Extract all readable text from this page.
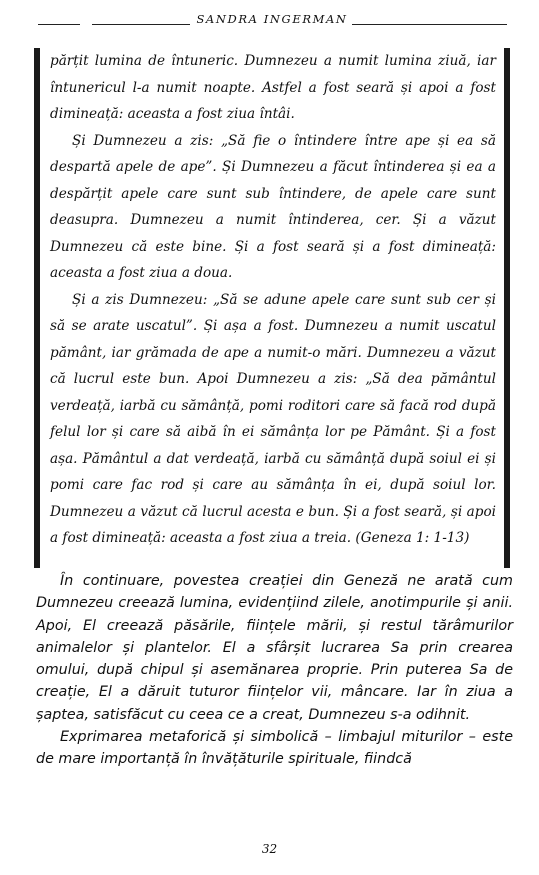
SANDRA INGERMAN

părțit lumina de întuneric. Dumnezeu a numit lumina ziuă, iar întunericul l-a numit noapte. Astfel a fost seară și apoi a fost dimineață: aceasta a fost ziua întâi.

Și Dumnezeu a zis: „Să fie o întindere între ape și ea să despartă apele de ape”. Și Dumnezeu a făcut întinderea și ea a despărțit apele care sunt sub întindere, de apele care sunt deasupra. Dumnezeu a numit întinderea, cer. Și a văzut Dumnezeu că este bine. Și a fost seară și a fost dimineață: aceasta a fost ziua a doua.

Și a zis Dumnezeu: „Să se adune apele care sunt sub cer și să se arate uscatul”. Și așa a fost. Dumnezeu a numit uscatul pământ, iar grămada de ape a numit-o mări. Dumnezeu a văzut că lucrul este bun. Apoi Dumnezeu a zis: „Să dea pământul verdeață, iarbă cu sămânță, pomi roditori care să facă rod după felul lor și care să aibă în ei sămânța lor pe Pământ. Și a fost așa. Pământul a dat verdeață, iarbă cu sămânță după soiul ei și pomi care fac rod și care au sămânța în ei, după soiul lor. Dumnezeu a văzut că lucrul acesta e bun. Și a fost seară, și apoi a fost dimineață: aceasta a fost ziua a treia. (Geneza 1: 1-13)

În continuare, povestea creației din Geneză ne arată cum Dumnezeu creează lumina, evidențiind zilele, anotimpurile și anii. Apoi, El creează păsările, ființele mării, și restul tărâmurilor animalelor și plantelor. El a sfârșit lucrarea Sa prin crearea omului, după chipul și asemănarea proprie. Prin puterea Sa de creație, El a dăruit tuturor ființelor vii, mâncare. Iar în ziua a șaptea, satisfăcut cu ceea ce a creat, Dumnezeu s-a odihnit.

Exprimarea metaforică și simbolică – limbajul miturilor – este de mare importanță în învățăturile spirituale, fiindcă

32
